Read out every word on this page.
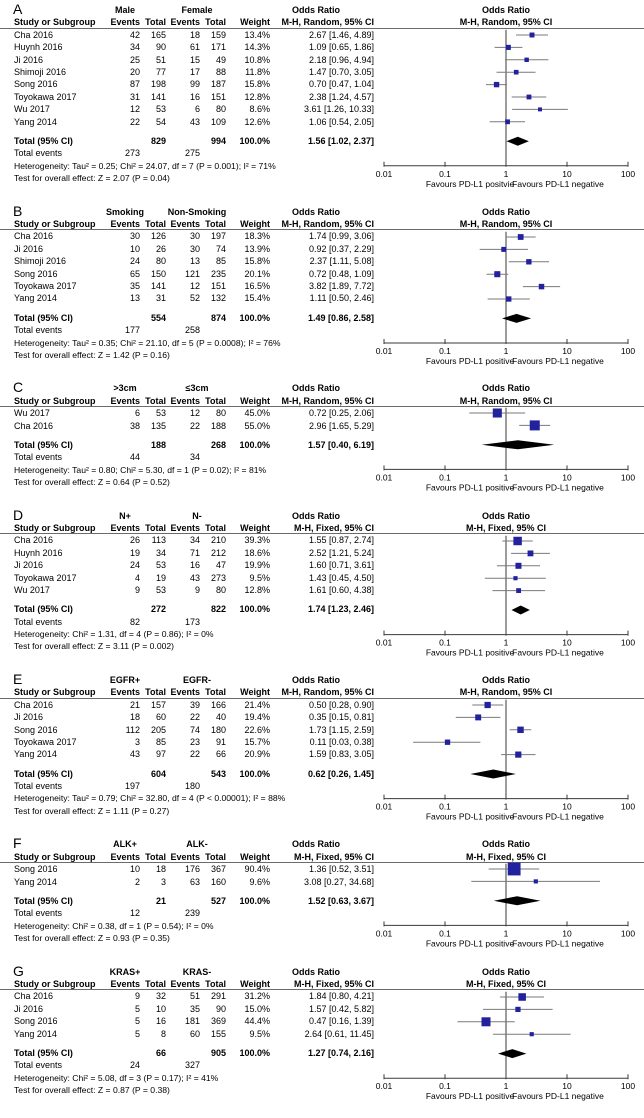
A	Male	Female	Odds Ratio	Odds Ratio
Study or Subgroup	Events Total Events Total	Weight	M-H, Random, 95% CI	M-H, Random, 95% CI
Cha 2016	42	165	18	159	13.4%	2.67 [1.46, 4.89]
Huynh 2016	34	90	61	171	14.3%	1.09 [0.65, 1.86]
Ji 2016	25	51	15	49	10.8%	2.18 [0.96, 4.94]
Shimoji 2016	20	77	17	88	11.8%	1.47 [0.70, 3.05]
Song 2016	87	198	99	187	15.8%	0.70 [0.47, 1.04]
Toyokawa 2017	31	141	16	151	12.8%	2.38 [1.24, 4.57]
Wu 2017	12	53	6	80	8.6%	3.61 [1.26, 10.33]
Yang 2014	22	54	43	109	12.6%	1.06 [0.54, 2.05]
Total (95% CI)	829	994	100.0%	1.56 [1.02, 2.37]
Total events	273	275
Heterogeneity: Tau² = 0.25; Chi² = 24.07, df = 7 (P = 0.001); I² = 71%
Test for overall effect: Z = 2.07 (P = 0.04)	0.01	0.1	1	10	100
Favours PD-L1 positvie
Favours PD-L1 negative
B	Smoking	Non-Smoking	Odds Ratio	Odds Ratio
Study or Subgroup	Events Total Events Total	Weight	M-H, Random, 95% CI	M-H, Random, 95% CI
Cha 2016	30	126	30	197	18.3%	1.74 [0.99, 3.06]
Ji 2016	10	26	30	74	13.9%	0.92 [0.37, 2.29]
Shimoji 2016	24	80	13	85	15.8%	2.37 [1.11, 5.08]
Song 2016	65	150	121	235	20.1%	0.72 [0.48, 1.09]
Toyokawa 2017	35	141	12	151	16.5%	3.82 [1.89, 7.72]
Yang 2014	13	31	52	132	15.4%	1.11 [0.50, 2.46]
Total (95% CI)	554	874	100.0%	1.49 [0.86, 2.58]
Total events	177	258
Heterogeneity: Tau² = 0.35; Chi² = 21.10, df = 5 (P = 0.0008); I² = 76%
Test for overall effect: Z = 1.42 (P = 0.16)	0.01	0.1	1	10	100
Favours PD-L1 positive
Favours PD-L1 negative
C	>3cm	≤3cm	Odds Ratio	Odds Ratio
Study or Subgroup	Events Total Events Total	Weight	M-H, Random, 95% CI	M-H, Random, 95% CI
Wu 2017	6	53	12	80	45.0%	0.72 [0.25, 2.06]
Cha 2016	38	135	22	188	55.0%	2.96 [1.65, 5.29]
Total (95% CI)	188	268	100.0%	1.57 [0.40, 6.19]
Total events	44	34
Heterogeneity: Tau² = 0.80; Chi² = 5.30, df = 1 (P = 0.02); I² = 81%
Test for overall effect: Z = 0.64 (P = 0.52)	0.01	0.1	1	10	100
Favours PD-L1 positive
Favours PD-L1 negative
D	N+	N-	Odds Ratio	Odds Ratio
Study or Subgroup	Events Total Events Total	Weight	M-H, Fixed, 95% CI	M-H, Fixed, 95% CI
Cha 2016	26	113	34	210	39.3%	1.55 [0.87, 2.74]
Huynh 2016	19	34	71	212	18.6%	2.52 [1.21, 5.24]
Ji 2016	24	53	16	47	19.9%	1.60 [0.71, 3.61]
Toyokawa 2017	4	19	43	273	9.5%	1.43 [0.45, 4.50]
Wu 2017	9	53	9	80	12.8%	1.61 [0.60, 4.38]
Total (95% CI)	272	822	100.0%	1.74 [1.23, 2.46]
Total events	82	173
Heterogeneity: Chi² = 1.31, df = 4 (P = 0.86); I² = 0%
Test for overall effect: Z = 3.11 (P = 0.002)	0.01	0.1	1	10	100
Favours PD-L1 positive
Favours PD-L1 negative
E	EGFR+	EGFR-	Odds Ratio	Odds Ratio
Study or Subgroup	Events Total Events Total	Weight	M-H, Random, 95% CI	M-H, Random, 95% CI
Cha 2016	21	157	39	166	21.4%	0.50 [0.28, 0.90]
Ji 2016	18	60	22	40	19.4%	0.35 [0.15, 0.81]
Song 2016	112	205	74	180	22.6%	1.73 [1.15, 2.59]
Toyokawa 2017	3	85	23	91	15.7%	0.11 [0.03, 0.38]
Yang 2014	43	97	22	66	20.9%	1.59 [0.83, 3.05]
Total (95% CI)	604	543	100.0%	0.62 [0.26, 1.45]
Total events	197	180
Heterogeneity: Tau² = 0.79; Chi² = 32.80, df = 4 (P < 0.00001); I² = 88%
Test for overall effect: Z = 1.11 (P = 0.27)	0.01	0.1	1	10	100
Favours PD-L1 positive
Favours PD-L1 negative
F	ALK+	ALK-	Odds Ratio	Odds Ratio
Study or Subgroup	Events Total Events Total	Weight	M-H, Fixed, 95% CI	M-H, Fixed, 95% CI
Song 2016	10	18	176	367	90.4%	1.36 [0.52, 3.51]
Yang 2014	2	3	63	160	9.6%	3.08 [0.27, 34.68]
Total (95% CI)	21	527	100.0%	1.52 [0.63, 3.67]
Total events	12	239
Heterogeneity: Chi² = 0.38, df = 1 (P = 0.54); I² = 0%
Test for overall effect: Z = 0.93 (P = 0.35)	0.01	0.1	1	10	100
Favours PD-L1 positive
Favours PD-L1 negative
G	KRAS+	KRAS-	Odds Ratio	Odds Ratio
Study or Subgroup	Events Total Events Total	Weight	M-H, Fixed, 95% CI	M-H, Fixed, 95% CI
Cha 2016	9	32	51	291	31.2%	1.84 [0.80, 4.21]
Ji 2016	5	10	35	90	15.0%	1.57 [0.42, 5.82]
Song 2016	5	16	181	369	44.4%	0.47 [0.16, 1.39]
Yang 2014	5	8	60	155	9.5%	2.64 [0.61, 11.45]
Total (95% CI)	66	905	100.0%	1.27 [0.74, 2.16]
Total events	24	327
Heterogeneity: Chi² = 5.08, df = 3 (P = 0.17); I² = 41%
Test for overall effect: Z = 0.87 (P = 0.38)	0.01	0.1	1	10	100
Favours PD-L1 positive
Favours PD-L1 negative
